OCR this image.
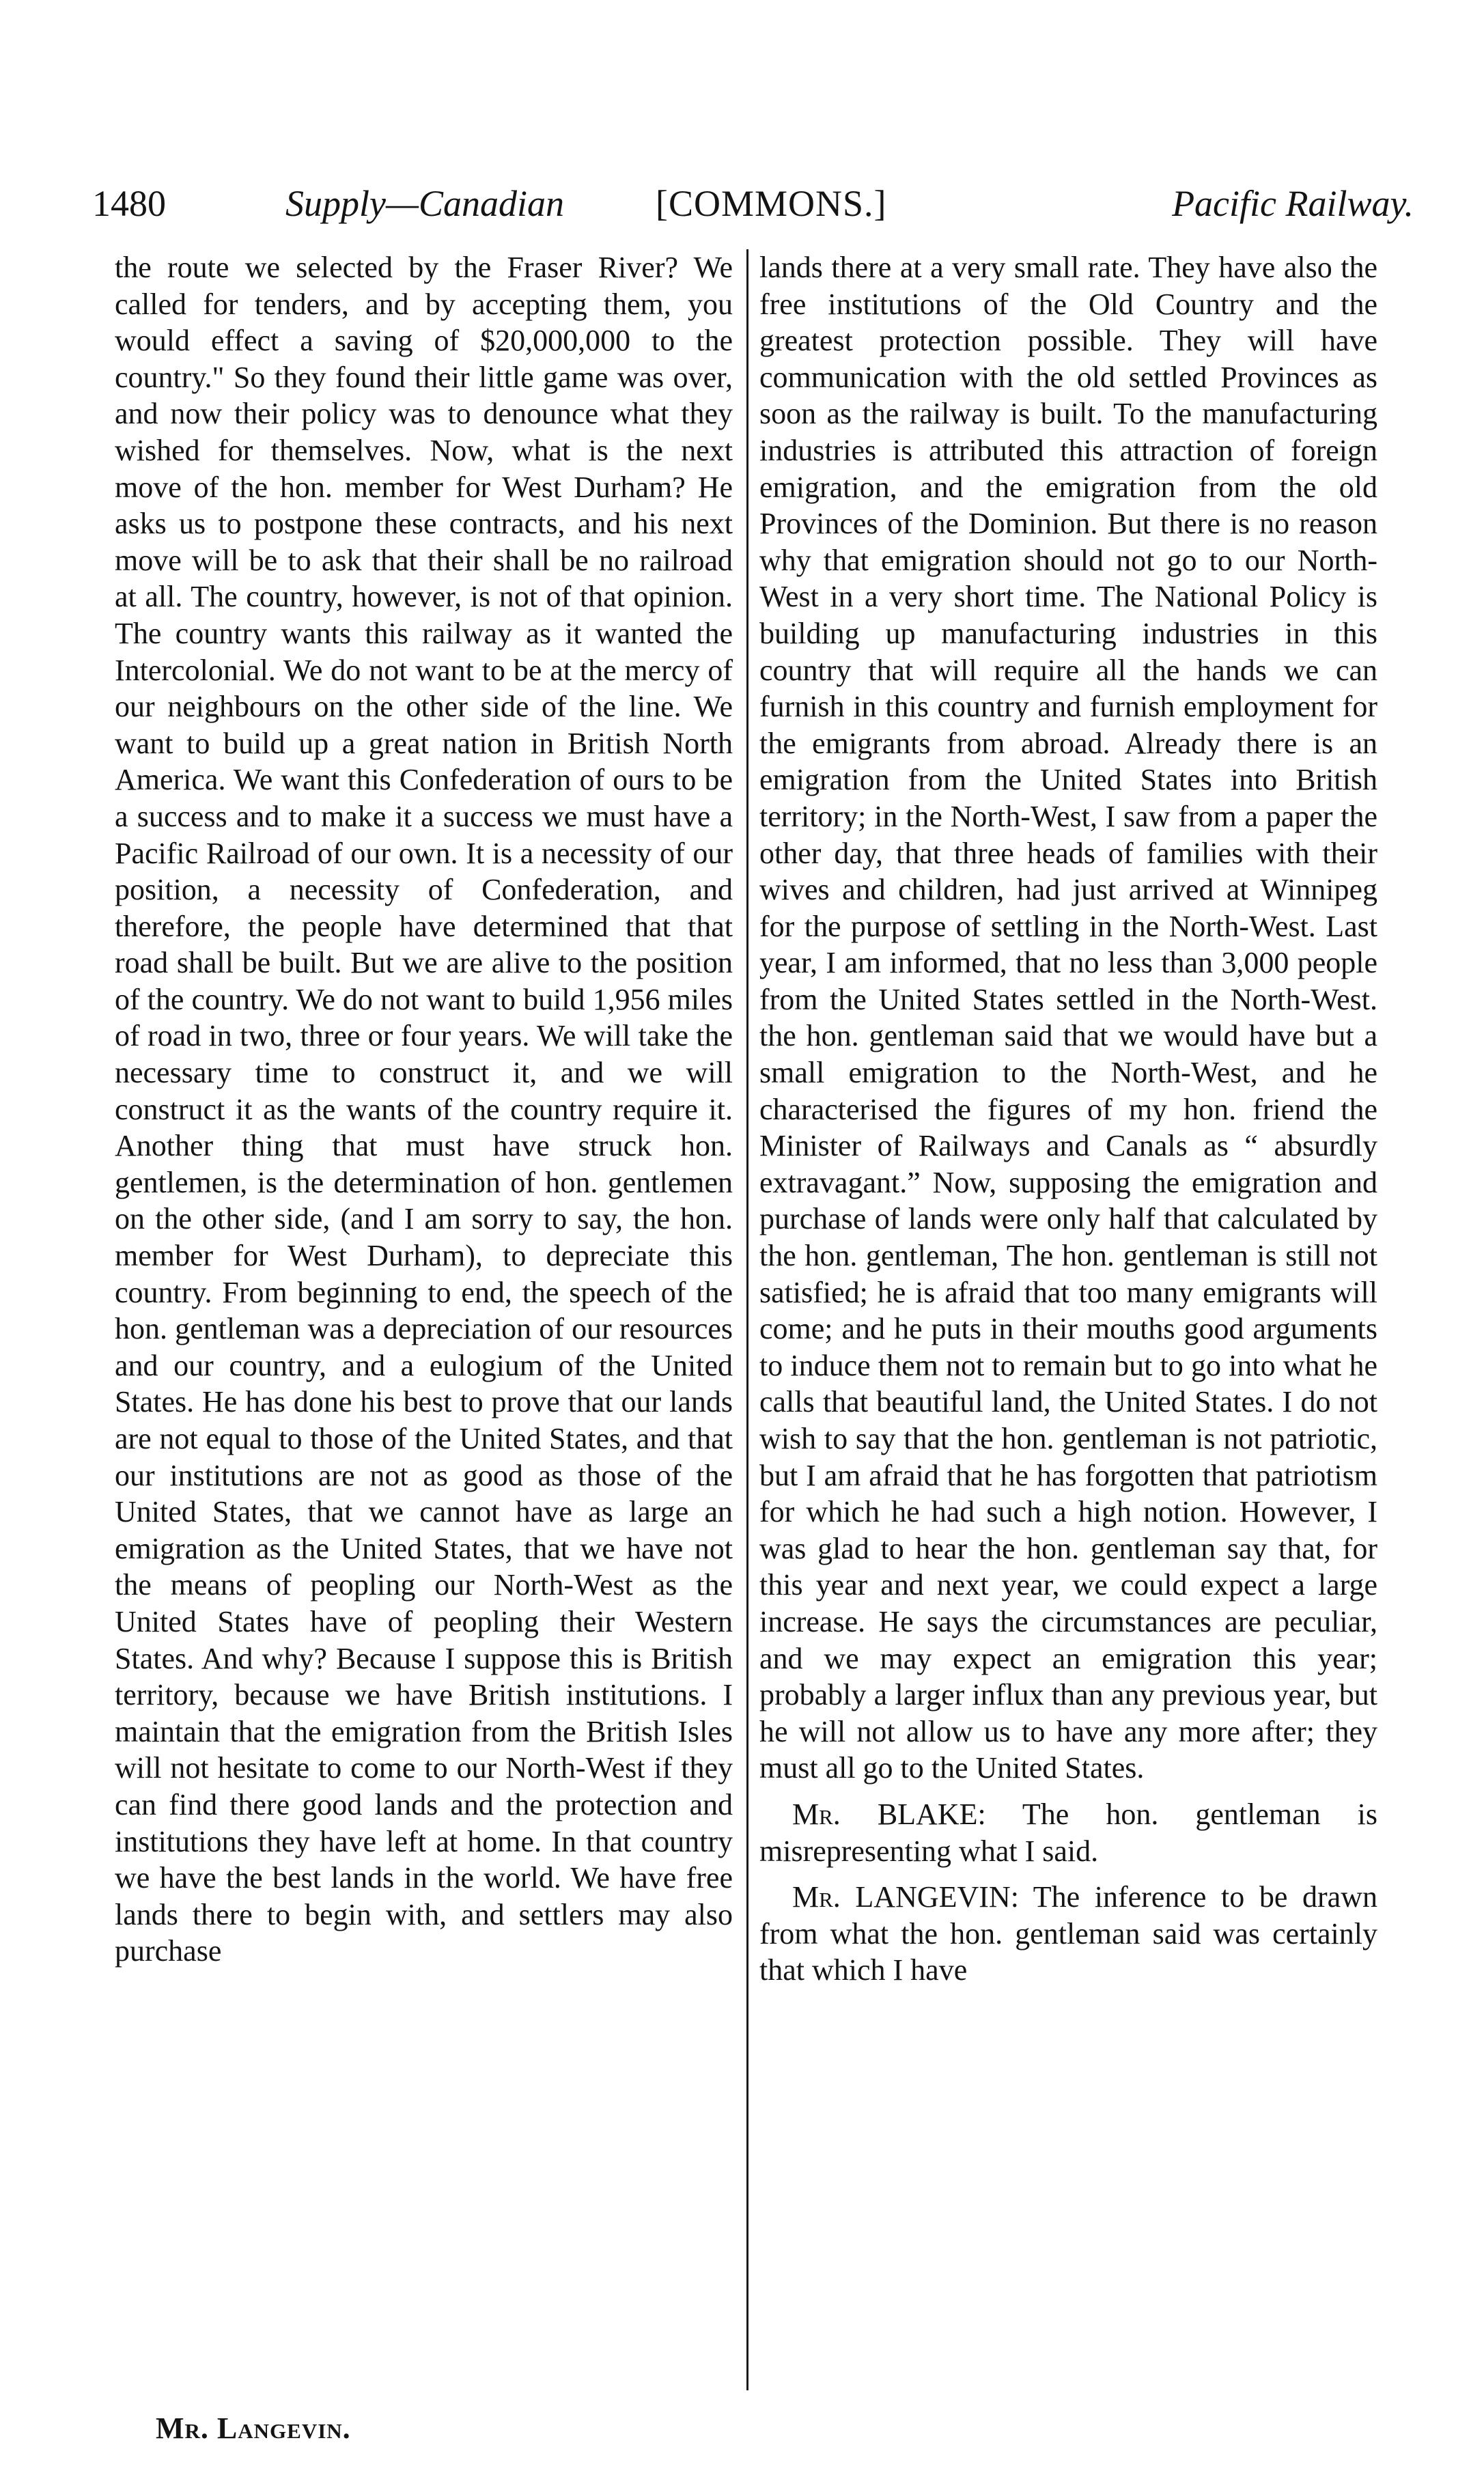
1480	Supply—Canadian [COMMONS.]	Pacific Railway.

the route we selected by the Fraser River? We called for tenders, and by accepting them, you would effect a saving of $20,000,000 to the country." So they found their little game was over, and now their policy was to denounce what they wished for themselves. Now, what is the next move of the hon. member for West Durham? He asks us to postpone these contracts, and his next move will be to ask that their shall be no railroad at all. The country, however, is not of that opinion. The country wants this railway as it wanted the Intercolonial. We do not want to be at the mercy of our neighbours on the other side of the line. We want to build up a great nation in British North America. We want this Confederation of ours to be a success and to make it a success we must have a Pacific Railroad of our own. It is a necessity of our position, a necessity of Confederation, and therefore, the people have determined that that road shall be built. But we are alive to the position of the country. We do not want to build 1,956 miles of road in two, three or four years. We will take the necessary time to construct it, and we will construct it as the wants of the country require it. Another thing that must have struck hon. gentlemen, is the determination of hon. gentlemen on the other side, (and I am sorry to say, the hon. member for West Durham), to depreciate this country. From beginning to end, the speech of the hon. gentleman was a depreciation of our resources and our country, and a eulogium of the United States. He has done his best to prove that our lands are not equal to those of the United States, and that our institutions are not as good as those of the United States, that we cannot have as large an emigration as the United States, that we have not the means of peopling our North-West as the United States have of peopling their Western States. And why? Because I suppose this is British territory, because we have British institutions. I maintain that the emigration from the British Isles will not hesitate to come to our North-West if they can find there good lands and the protection and institutions they have left at home. In that country we have the best lands in the world. We have free lands there to begin with, and settlers may also purchase

lands there at a very small rate. They have also the free institutions of the Old Country and the greatest protection possible. They will have communication with the old settled Provinces as soon as the railway is built. To the manufacturing industries is attributed this attraction of foreign emigration, and the emigration from the old Provinces of the Dominion. But there is no reason why that emigration should not go to our North-West in a very short time. The National Policy is building up manufacturing industries in this country that will require all the hands we can furnish in this country and furnish employment for the emigrants from abroad. Already there is an emigration from the United States into British territory; in the North-West, I saw from a paper the other day, that three heads of families with their wives and children, had just arrived at Winnipeg for the purpose of settling in the North-West. Last year, I am informed, that no less than 3,000 people from the United States settled in the North-West. the hon. gentleman said that we would have but a small emigration to the North-West, and he characterised the figures of my hon. friend the Minister of Railways and Canals as “ absurdly extravagant.” Now, supposing the emigration and purchase of lands were only half that calculated by the hon. gentleman, The hon. gentleman is still not satisfied; he is afraid that too many emigrants will come; and he puts in their mouths good arguments to induce them not to remain but to go into what he calls that beautiful land, the United States. I do not wish to say that the hon. gentleman is not patriotic, but I am afraid that he has forgotten that patriotism for which he had such a high notion. However, I was glad to hear the hon. gentleman say that, for this year and next year, we could expect a large increase. He says the circumstances are peculiar, and we may expect an emigration this year; probably a larger influx than any previous year, but he will not allow us to have any more after; they must all go to the United States.

Mr. BLAKE: The hon. gentleman is misrepresenting what I said.

Mr. LANGEVIN: The inference to be drawn from what the hon. gentleman said was certainly that which I have

Mr. Langevin.
